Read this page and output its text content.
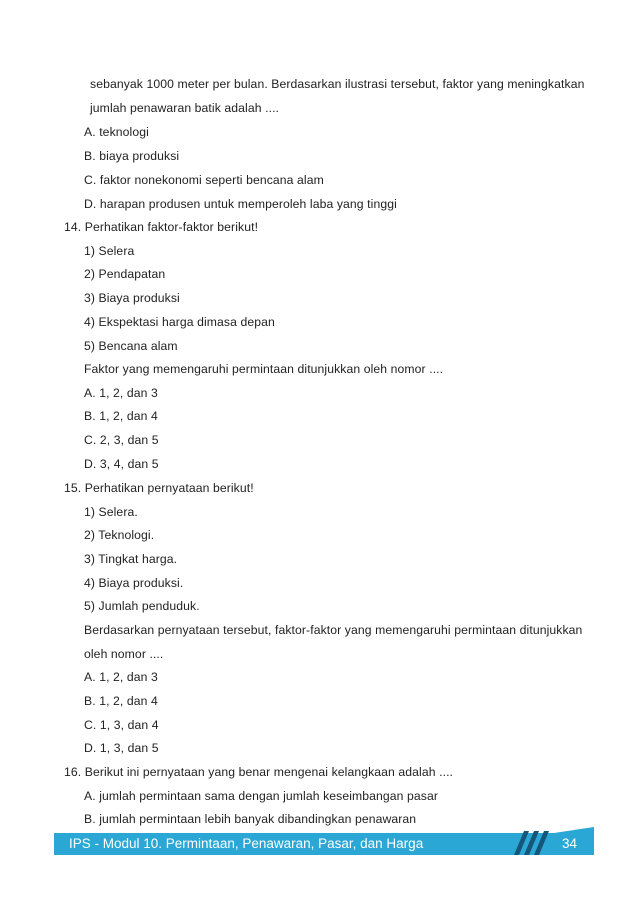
sebanyak 1000 meter per bulan. Berdasarkan ilustrasi tersebut, faktor yang meningkatkan
jumlah penawaran batik adalah ....
A. teknologi
B. biaya produksi
C. faktor nonekonomi seperti bencana alam
D. harapan produsen untuk memperoleh laba yang tinggi
14. Perhatikan faktor-faktor berikut!
1) Selera
2) Pendapatan
3) Biaya produksi
4) Ekspektasi harga dimasa depan
5) Bencana alam
Faktor yang memengaruhi permintaan ditunjukkan oleh nomor ....
A. 1, 2, dan 3
B. 1, 2, dan 4
C. 2, 3, dan 5
D. 3, 4, dan 5
15. Perhatikan pernyataan berikut!
1) Selera.
2) Teknologi.
3) Tingkat harga.
4) Biaya produksi.
5) Jumlah penduduk.
Berdasarkan pernyataan tersebut, faktor-faktor yang memengaruhi permintaan ditunjukkan
oleh nomor ....
A. 1, 2, dan 3
B. 1, 2, dan 4
C. 1, 3, dan 4
D. 1, 3, dan 5
16. Berikut ini pernyataan yang benar mengenai kelangkaan adalah ....
A. jumlah permintaan sama dengan jumlah keseimbangan pasar
B. jumlah permintaan lebih banyak dibandingkan penawaran
IPS - Modul 10. Permintaan, Penawaran, Pasar, dan Harga	34
